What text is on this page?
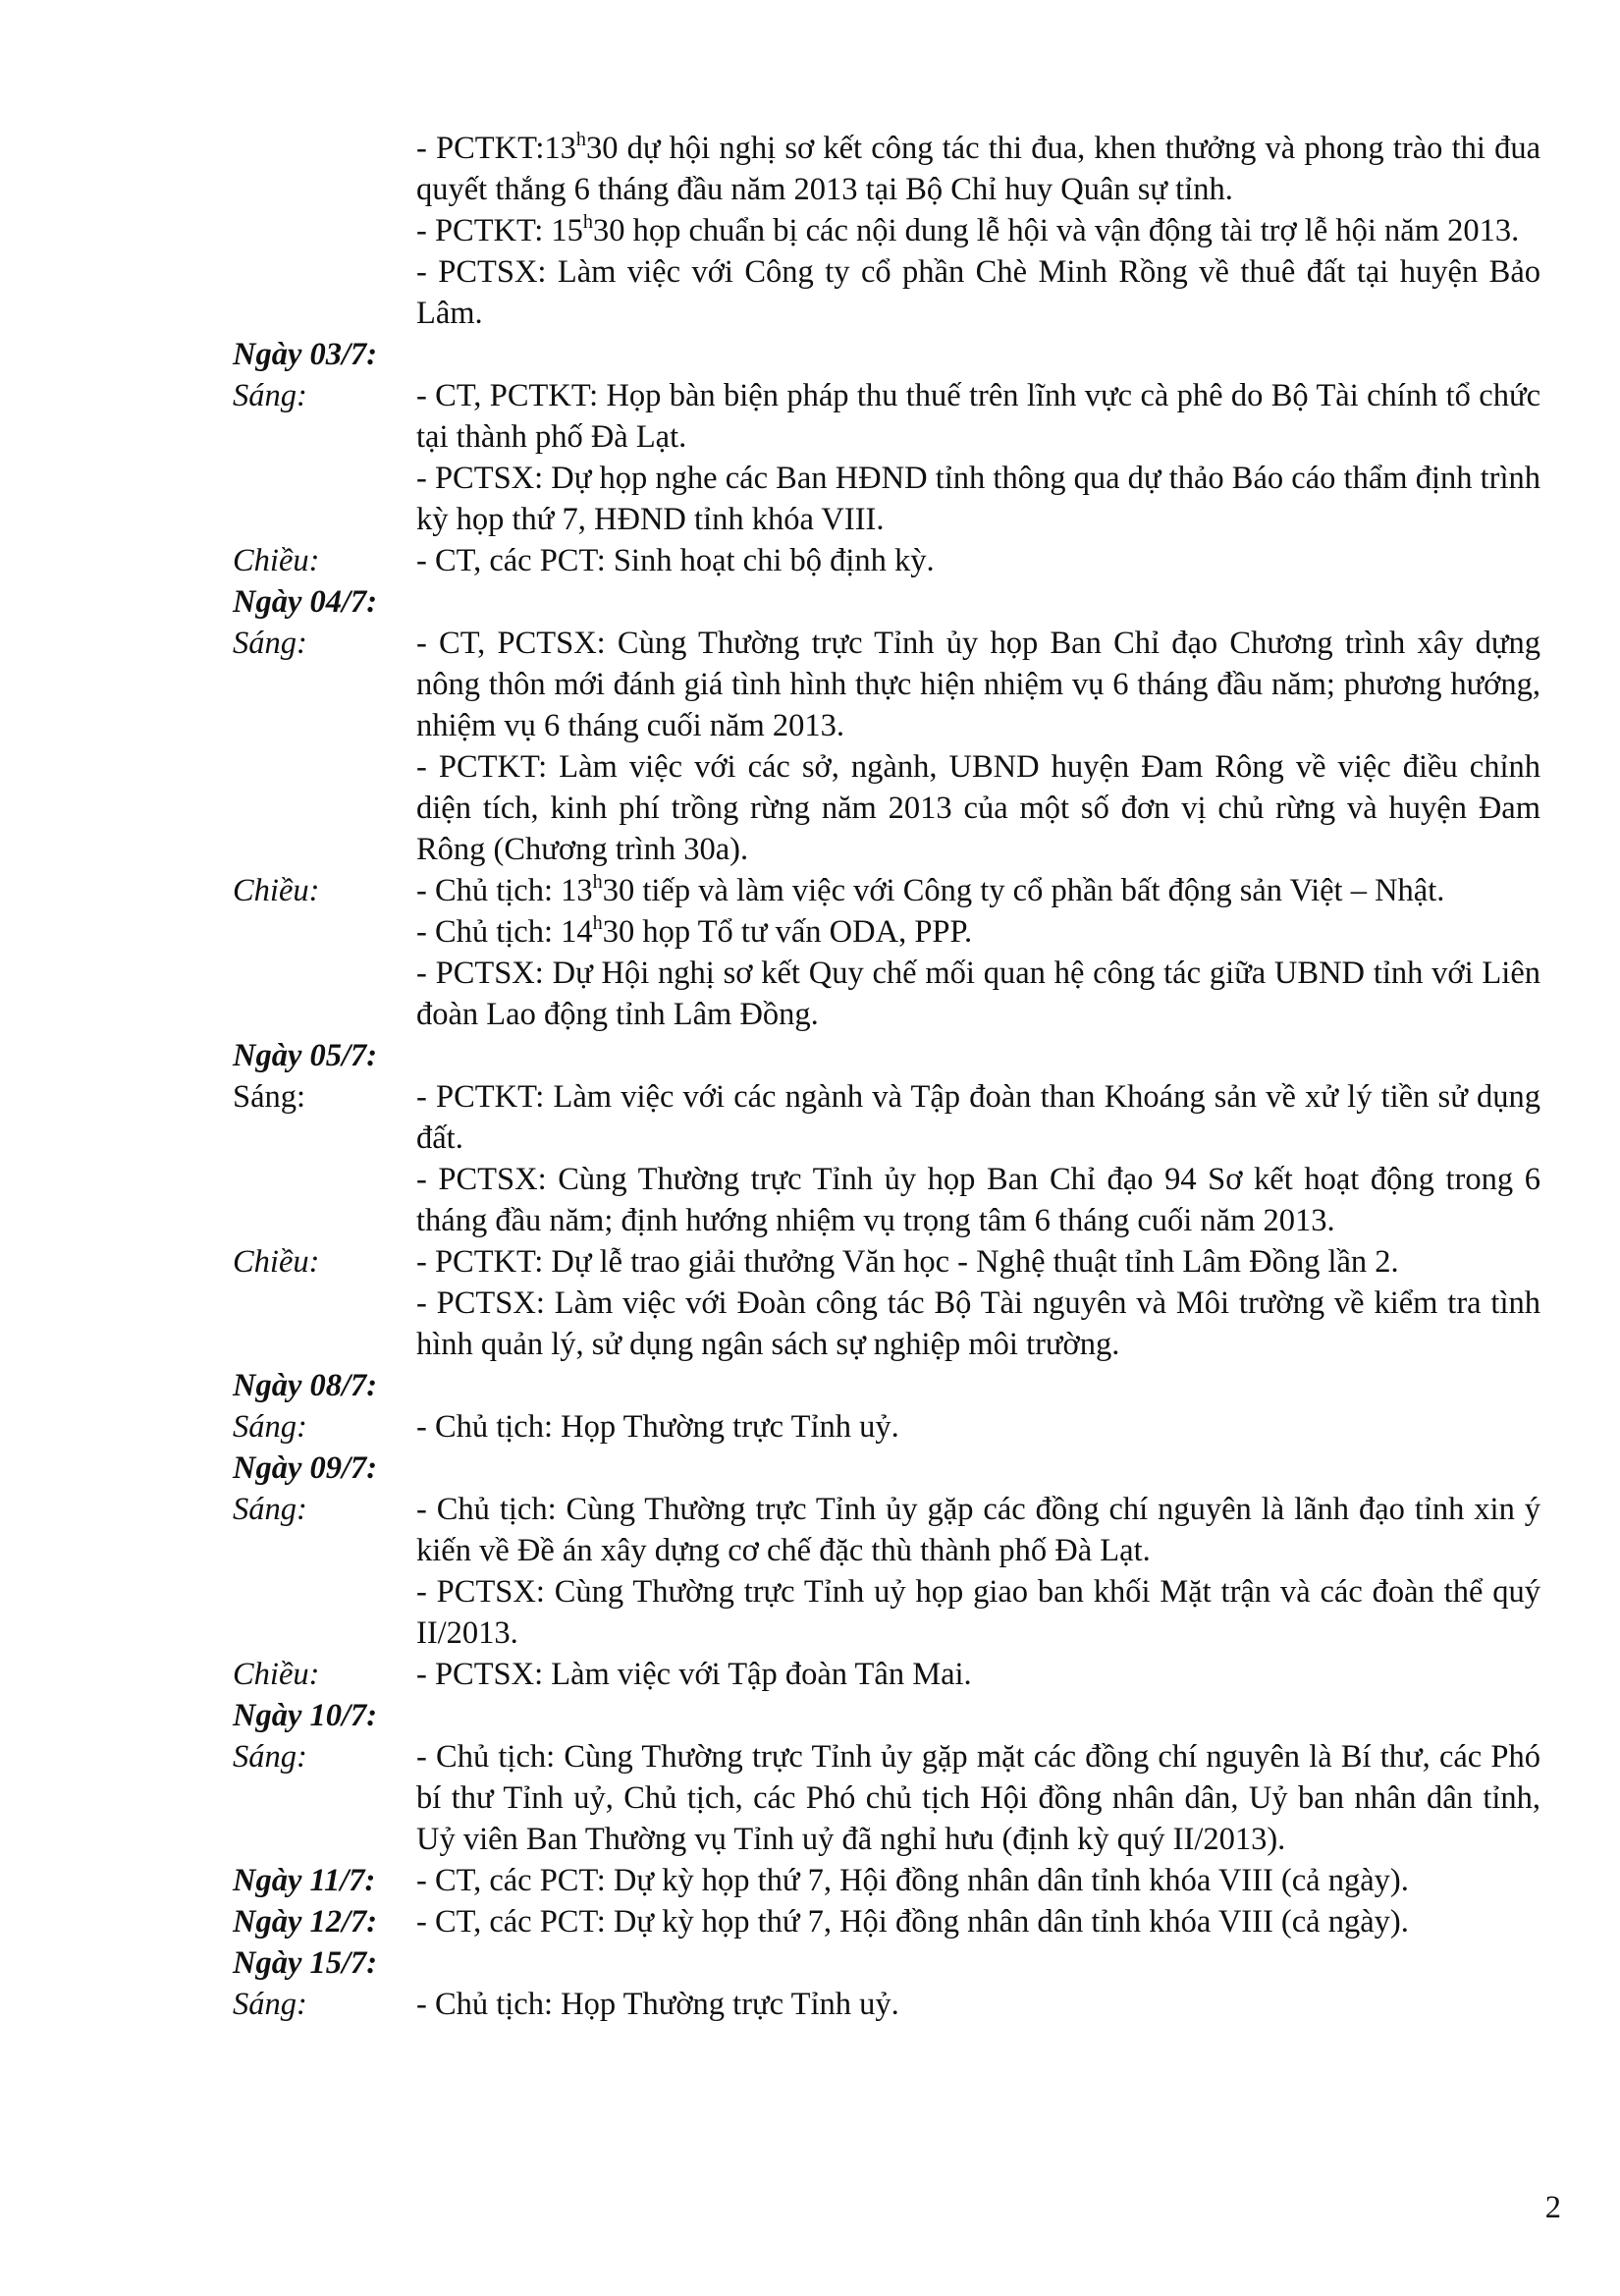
- PCTKT:13$^h$30 dự hội nghị sơ kết công tác thi đua, khen thưởng và phong trào thi đua quyết thắng 6 tháng đầu năm 2013 tại Bộ Chỉ huy Quân sự tỉnh.

- PCTKT: 15$^h$30 họp chuẩn bị các nội dung lễ hội và vận động tài trợ lễ hội năm 2013.

- PCTSX: Làm việc với Công ty cổ phần Chè Minh Rồng về thuê đất tại huyện Bảo Lâm.

Ngày 03/7:
Sáng:	- CT, PCTKT: Họp bàn biện pháp thu thuế trên lĩnh vực cà phê do Bộ Tài chính tổ chức tại thành phố Đà Lạt.

- PCTSX: Dự họp nghe các Ban HĐND tỉnh thông qua dự thảo Báo cáo thẩm định trình kỳ họp thứ 7, HĐND tỉnh khóa VIII.

Chiều:	- CT, các PCT: Sinh hoạt chi bộ định kỳ.

Ngày 04/7:
Sáng:	- CT, PCTSX: Cùng Thường trực Tỉnh ủy họp Ban Chỉ đạo Chương trình xây dựng nông thôn mới đánh giá tình hình thực hiện nhiệm vụ 6 tháng đầu năm; phương hướng, nhiệm vụ 6 tháng cuối năm 2013.

- PCTKT: Làm việc với các sở, ngành, UBND huyện Đam Rông về việc điều chỉnh diện tích, kinh phí trồng rừng năm 2013 của một số đơn vị chủ rừng và huyện Đam Rông (Chương trình 30a).

Chiều:	- Chủ tịch: 13$^h$30 tiếp và làm việc với Công ty cổ phần bất động sản Việt – Nhật.

- Chủ tịch: 14$^h$30 họp Tổ tư vấn ODA, PPP.

- PCTSX: Dự Hội nghị sơ kết Quy chế mối quan hệ công tác giữa UBND tỉnh với Liên đoàn Lao động tỉnh Lâm Đồng.

Ngày 05/7:
Sáng:	- PCTKT: Làm việc với các ngành và Tập đoàn than Khoáng sản về xử lý tiền sử dụng đất.

- PCTSX: Cùng Thường trực Tỉnh ủy họp Ban Chỉ đạo 94 Sơ kết hoạt động trong 6 tháng đầu năm; định hướng nhiệm vụ trọng tâm 6 tháng cuối năm 2013.

Chiều:	- PCTKT: Dự lễ trao giải thưởng Văn học - Nghệ thuật tỉnh Lâm Đồng lần 2.

- PCTSX: Làm việc với Đoàn công tác Bộ Tài nguyên và Môi trường về kiểm tra tình hình quản lý, sử dụng ngân sách sự nghiệp môi trường.

Ngày 08/7:
Sáng:	- Chủ tịch: Họp Thường trực Tỉnh uỷ.

Ngày 09/7:
Sáng:	- Chủ tịch: Cùng Thường trực Tỉnh ủy gặp các đồng chí nguyên là lãnh đạo tỉnh xin ý kiến về Đề án xây dựng cơ chế đặc thù thành phố Đà Lạt.

- PCTSX: Cùng Thường trực Tỉnh uỷ họp giao ban khối Mặt trận và các đoàn thể quý II/2013.

Chiều:	- PCTSX: Làm việc với Tập đoàn Tân Mai.

Ngày 10/7:
Sáng:	- Chủ tịch: Cùng Thường trực Tỉnh ủy gặp mặt các đồng chí nguyên là Bí thư, các Phó bí thư Tỉnh uỷ, Chủ tịch, các Phó chủ tịch Hội đồng nhân dân, Uỷ ban nhân dân tỉnh, Uỷ viên Ban Thường vụ Tỉnh uỷ đã nghỉ hưu (định kỳ quý II/2013).

Ngày 11/7: - CT, các PCT: Dự kỳ họp thứ 7, Hội đồng nhân dân tỉnh khóa VIII (cả ngày).

Ngày 12/7: - CT, các PCT: Dự kỳ họp thứ 7, Hội đồng nhân dân tỉnh khóa VIII (cả ngày).

Ngày 15/7:
Sáng:	- Chủ tịch: Họp Thường trực Tỉnh uỷ.

2
